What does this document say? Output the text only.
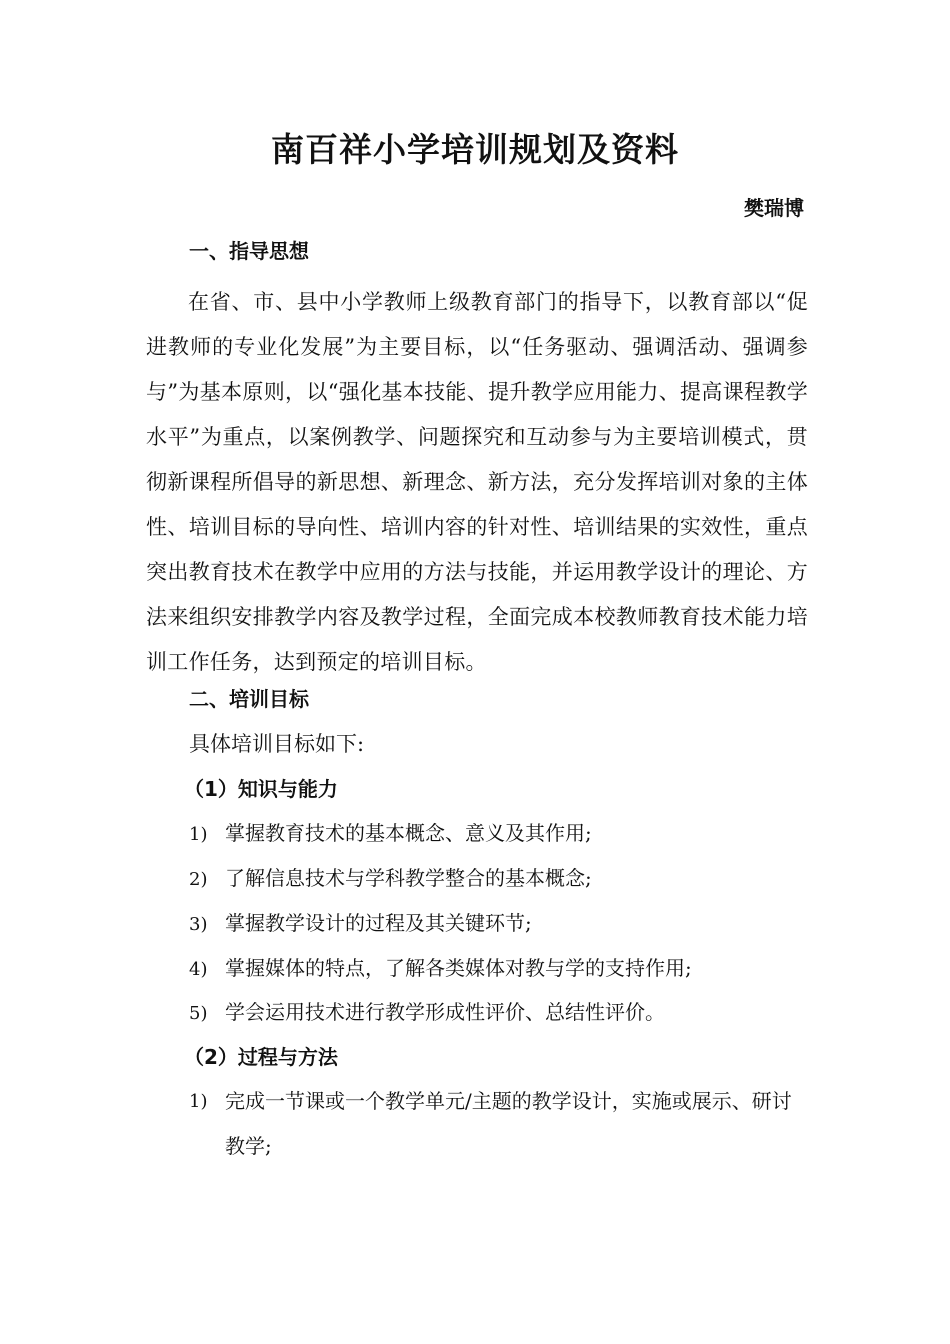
南百祥小学培训规划及资料
樊瑞博
一、指导思想

在省、市、县中小学教师上级教育部门的指导下，以教育部以“促进教师的专业化发展”为主要目标，以“任务驱动、强调活动、强调参与”为基本原则，以“强化基本技能、提升教学应用能力、提高课程教学水平”为重点，以案例教学、问题探究和互动参与为主要培训模式，贯彻新课程所倡导的新思想、新理念、新方法，充分发挥培训对象的主体性、培训目标的导向性、培训内容的针对性、培训结果的实效性，重点突出教育技术在教学中应用的方法与技能，并运用教学设计的理论、方法来组织安排教学内容及教学过程，全面完成本校教师教育技术能力培训工作任务，达到预定的培训目标。

二、培训目标
具体培训目标如下:
（1）知识与能力
1) 掌握教育技术的基本概念、意义及其作用;
2) 了解信息技术与学科教学整合的基本概念;
3) 掌握教学设计的过程及其关键环节;
4) 掌握媒体的特点，了解各类媒体对教与学的支持作用;
5) 学会运用技术进行教学形成性评价、总结性评价。
（2）过程与方法
1) 完成一节课或一个教学单元/主题的教学设计，实施或展示、研讨教学;
